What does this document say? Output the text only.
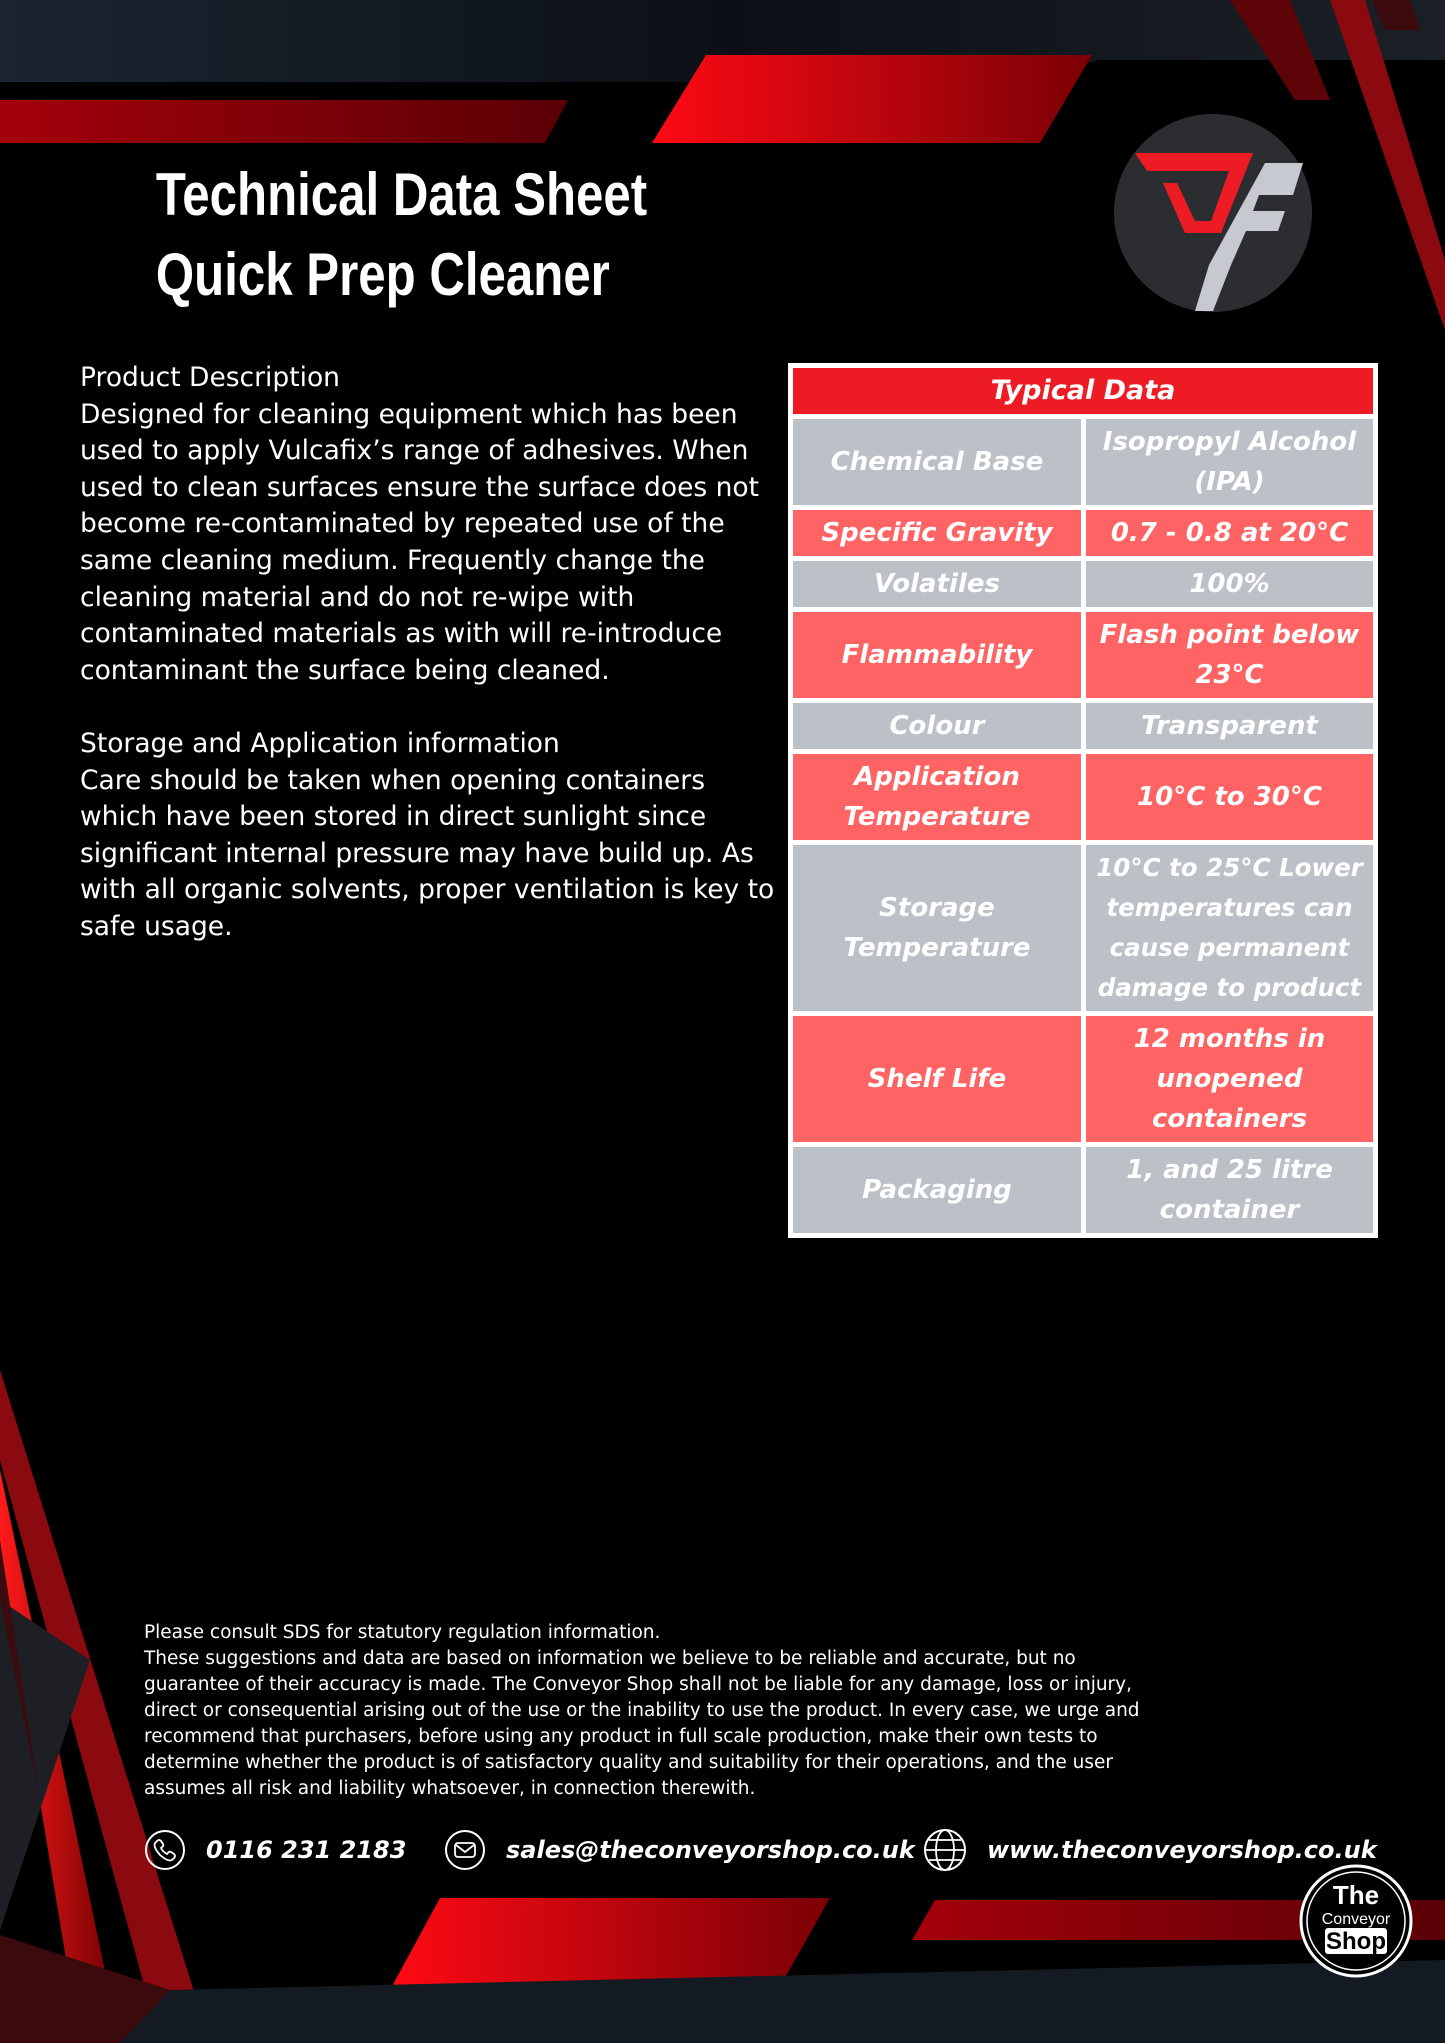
Technical Data Sheet
Quick Prep Cleaner

Product Description

Designed for cleaning equipment which has been used to apply Vulcafix’s range of adhesives. When used to clean surfaces ensure the surface does not become re-contaminated by repeated use of the same cleaning medium. Frequently change the cleaning material and do not re-wipe with contaminated materials as with will re-introduce contaminant the surface being cleaned.

Storage and Application information

Care should be taken when opening containers which have been stored in direct sunlight since significant internal pressure may have build up. As with all organic solvents, proper ventilation is key to safe usage.

Typical Data	
Chemical Base	Isopropyl Alcohol (IPA)
Specific Gravity	0.7 - 0.8 at 20°C
Volatiles	100%
Flammability	Flash point below 23°C
Colour	Transparent
Application Temperature	10°C to 30°C
Storage Temperature	10°C to 25°C Lower temperatures can cause permanent damage to product
Shelf Life	12 months in unopened containers
Packaging	1, and 25 litre container

Please consult SDS for statutory regulation information.

These suggestions and data are based on information we believe to be reliable and accurate, but no guarantee of their accuracy is made. The Conveyor Shop shall not be liable for any damage, loss or injury, direct or consequential arising out of the use or the inability to use the product. In every case, we urge and recommend that purchasers, before using any product in full scale production, make their own tests to determine whether the product is of satisfactory quality and suitability for their operations, and the user assumes all risk and liability whatsoever, in connection therewith.

0116 231 2183	sales@theconveyorshop.co.uk	www.theconveyorshop.co.uk
The
Conveyor
Shop
